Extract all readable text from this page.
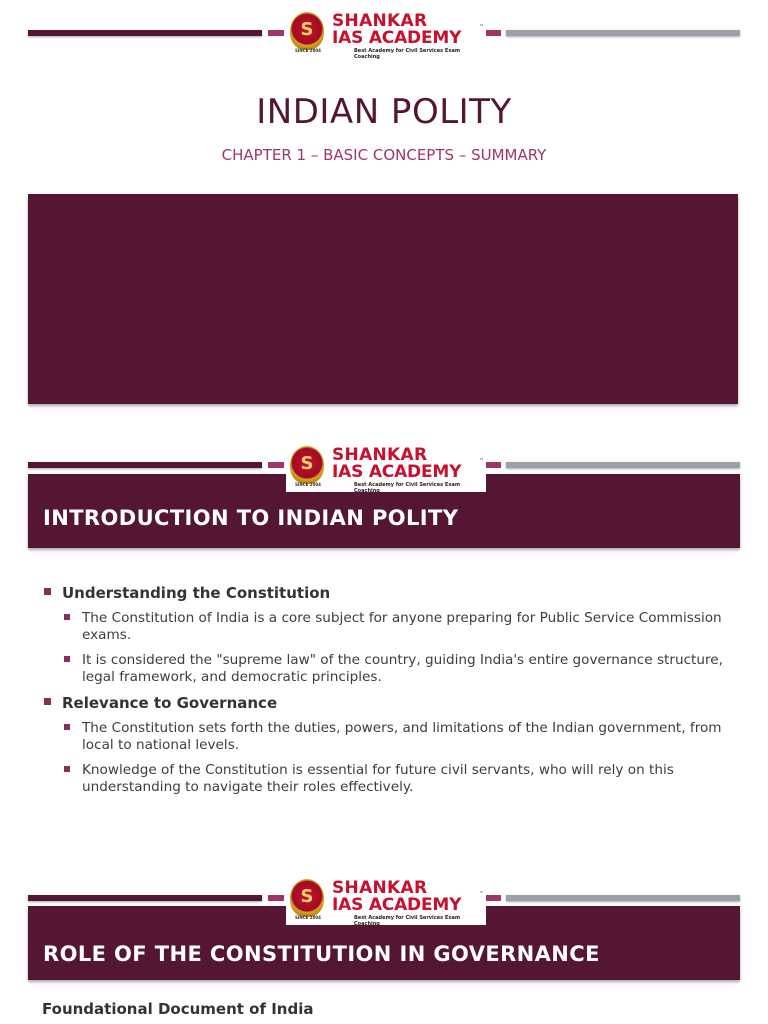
S
SINCE 2004
SHANKAR
IAS ACADEMY
™
Best Academy for Civil Services Exam Coaching
INDIAN POLITY
CHAPTER 1 – BASIC CONCEPTS – SUMMARY
INTRODUCTION TO INDIAN POLITY
S
SINCE 2004
SHANKAR
IAS ACADEMY
™
Best Academy for Civil Services Exam Coaching
Understanding the Constitution
The Constitution of India is a core subject for anyone preparing for Public Service Commission exams.
It is considered the "supreme law" of the country, guiding India's entire governance structure, legal framework, and democratic principles.
Relevance to Governance
The Constitution sets forth the duties, powers, and limitations of the Indian government, from local to national levels.
Knowledge of the Constitution is essential for future civil servants, who will rely on this understanding to navigate their roles effectively.
ROLE OF THE CONSTITUTION IN GOVERNANCE
S
SINCE 2004
SHANKAR
IAS ACADEMY
™
Best Academy for Civil Services Exam Coaching
Foundational Document of India
